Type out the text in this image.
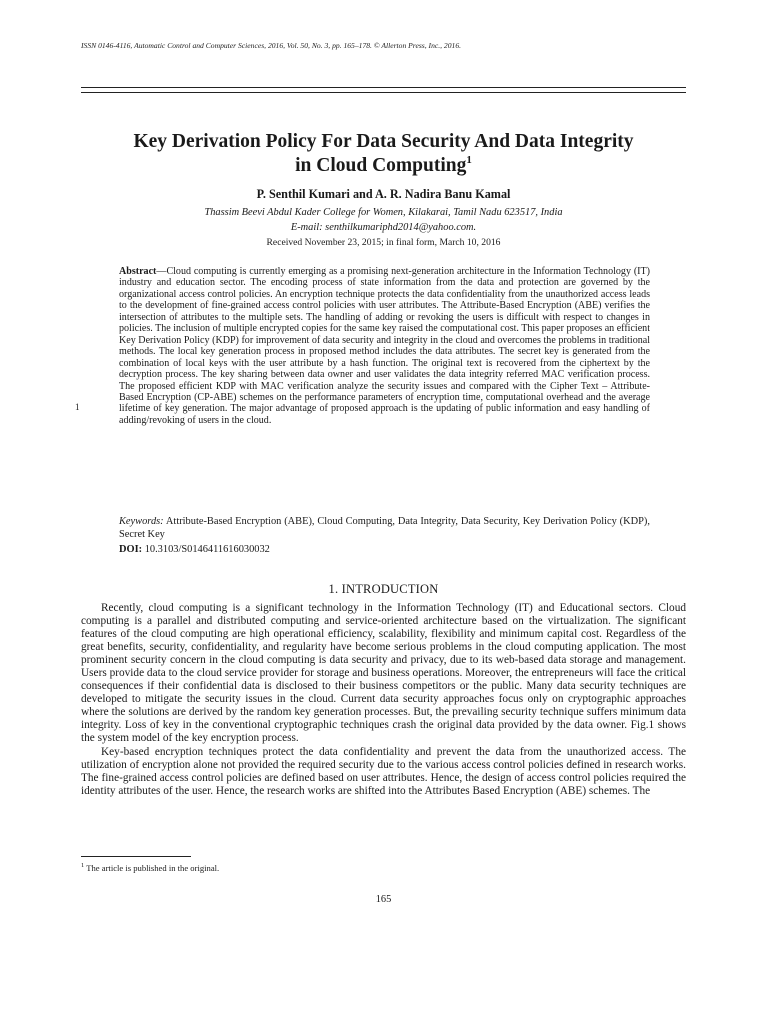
ISSN 0146-4116, Automatic Control and Computer Sciences, 2016, Vol. 50, No. 3, pp. 165–178. © Allerton Press, Inc., 2016.
Key Derivation Policy For Data Security And Data Integrity
in Cloud Computing$^1$
P. Senthil Kumari and A. R. Nadira Banu Kamal
Thassim Beevi Abdul Kader College for Women, Kilakarai, Tamil Nadu 623517, India
E-mail: senthilkumariphd2014@yahoo.com.
Received November 23, 2015; in final form, March 10, 2016
Abstract—Cloud computing is currently emerging as a promising next-generation architecture in the Information Technology (IT) industry and education sector. The encoding process of state information from the data and protection are governed by the organizational access control policies. An encryption technique protects the data confidentiality from the unauthorized access leads to the development of fine-grained access control policies with user attributes. The Attribute-Based Encryption (ABE) verifies the intersection of attributes to the multiple sets. The handling of adding or revoking the users is difficult with respect to changes in policies. The inclusion of multiple encrypted copies for the same key raised the computational cost. This paper proposes an efficient Key Derivation Policy (KDP) for improvement of data security and integrity in the cloud and overcomes the problems in traditional methods. The local key generation process in proposed method includes the data attributes. The secret key is generated from the combination of local keys with the user attribute by a hash function. The original text is recovered from the ciphertext by the decryption process. The key sharing between data owner and user validates the data integrity referred MAC verification process. The proposed efficient KDP with MAC verification analyze the security issues and compared with the Cipher Text – Attribute-Based Encryption (CP-ABE) schemes on the performance parameters of encryption time, computational overhead and the average lifetime of key generation. The major advantage of proposed approach is the updating of public information and easy handling of adding/revoking of users in the cloud.
1
Keywords: Attribute-Based Encryption (ABE), Cloud Computing, Data Integrity, Data Security, Key Derivation Policy (KDP), Secret Key
DOI: 10.3103/S0146411616030032
1. INTRODUCTION

Recently, cloud computing is a significant technology in the Information Technology (IT) and Educational sectors. Cloud computing is a parallel and distributed computing and service-oriented architecture based on the virtualization. The significant features of the cloud computing are high operational efficiency, scalability, flexibility and minimum capital cost. Regardless of the great benefits, security, confidentiality, and regularity have become serious problems in the cloud computing application. The most prominent security concern in the cloud computing is data security and privacy, due to its web-based data storage and management. Users provide data to the cloud service provider for storage and business operations. Moreover, the entrepreneurs will face the critical consequences if their confidential data is disclosed to their business competitors or the public. Many data security techniques are developed to mitigate the security issues in the cloud. Current data security approaches focus only on cryptographic approaches where the solutions are derived by the random key generation processes. But, the prevailing security technique suffers minimum data integrity. Loss of key in the conventional cryptographic techniques crash the original data provided by the data owner. Fig.1 shows the system model of the key encryption process.

Key-based encryption techniques protect the data confidentiality and prevent the data from the unauthorized access. The utilization of encryption alone not provided the required security due to the various access control policies defined in research works. The fine-grained access control policies are defined based on user attributes. Hence, the design of access control policies required the identity attributes of the user. Hence, the research works are shifted into the Attributes Based Encryption (ABE) schemes. The

$^1$ The article is published in the original.
165
